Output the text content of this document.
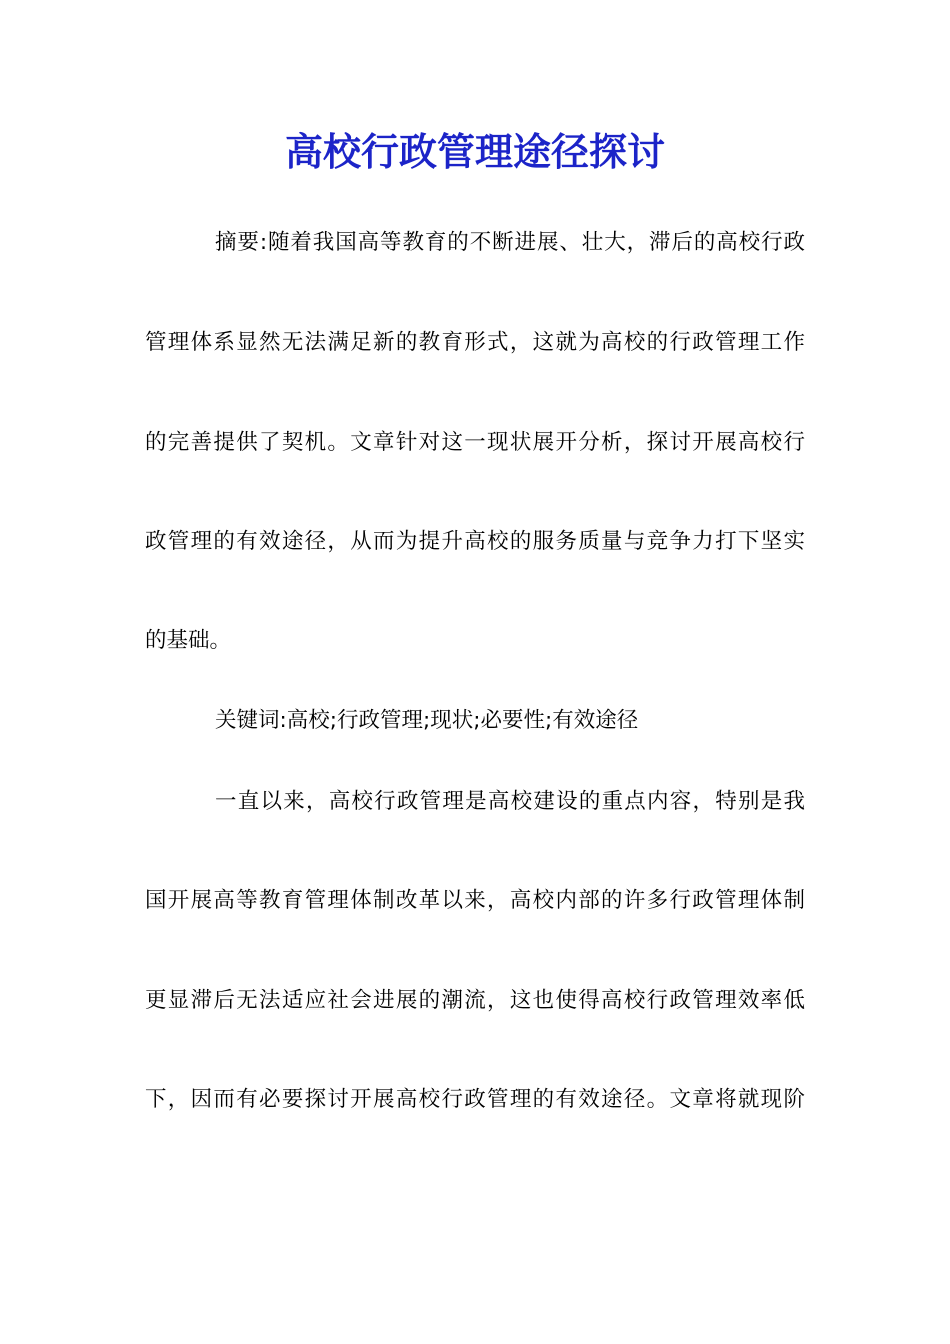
高校行政管理途径探讨

摘要:随着我国高等教育的不断进展、壮大，滞后的高校行政

管理体系显然无法满足新的教育形式，这就为高校的行政管理工作

的完善提供了契机。文章针对这一现状展开分析，探讨开展高校行

政管理的有效途径，从而为提升高校的服务质量与竞争力打下坚实

的基础。

关键词:高校;行政管理;现状;必要性;有效途径

一直以来，高校行政管理是高校建设的重点内容，特别是我

国开展高等教育管理体制改革以来，高校内部的许多行政管理体制

更显滞后无法适应社会进展的潮流，这也使得高校行政管理效率低

下，因而有必要探讨开展高校行政管理的有效途径。文章将就现阶
